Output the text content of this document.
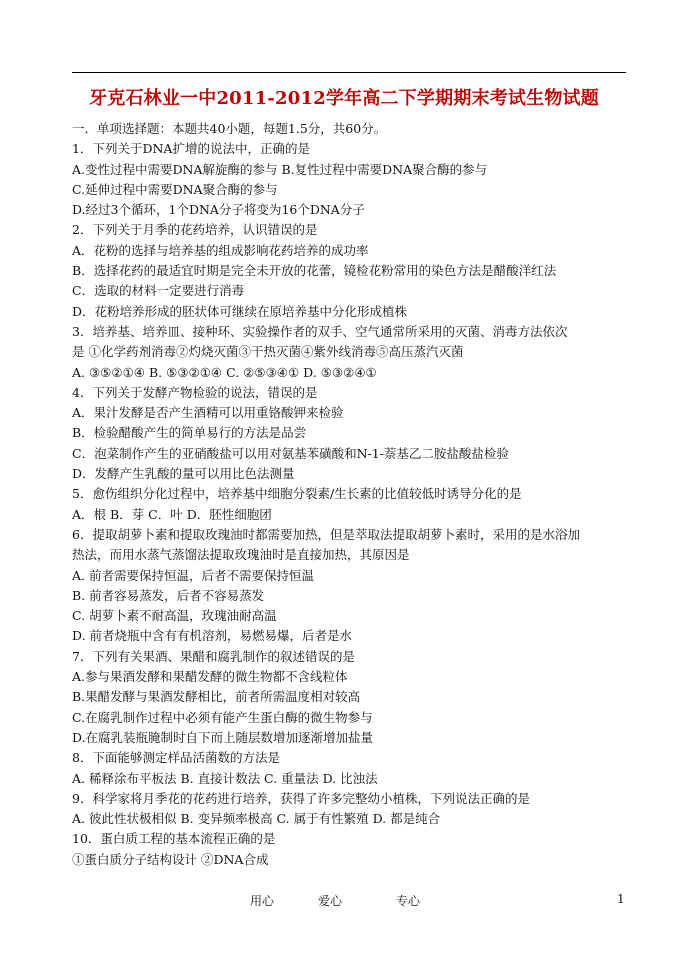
牙克石林业一中2011-2012学年高二下学期期末考试生物试题
一．单项选择题：本题共40小题，每题1.5分，共60分。
1．下列关于DNA扩增的说法中，正确的是
A.变性过程中需要DNA解旋酶的参与 B.复性过程中需要DNA聚合酶的参与
C.延伸过程中需要DNA聚合酶的参与
D.经过3个循环，1个DNA分子将变为16个DNA分子
2．下列关于月季的花药培养，认识错误的是
A．花粉的选择与培养基的组成影响花药培养的成功率
B．选择花药的最适宜时期是完全未开放的花蕾，镜检花粉常用的染色方法是醋酸洋红法
C．选取的材料一定要进行消毒
D．花粉培养形成的胚状体可继续在原培养基中分化形成植株
3．培养基、培养皿、接种环、实验操作者的双手、空气通常所采用的灭菌、消毒方法依次
是 ①化学药剂消毒②灼烧灭菌③干热灭菌④紫外线消毒⑤高压蒸汽灭菌
A. ③⑤②①④ B. ⑤③②①④ C. ②⑤③④① D. ⑤③②④①
4．下列关于发酵产物检验的说法，错误的是
A．果汁发酵是否产生酒精可以用重铬酸钾来检验
B．检验醋酸产生的简单易行的方法是品尝
C．泡菜制作产生的亚硝酸盐可以用对氨基苯磺酸和N-1-萘基乙二胺盐酸盐检验
D．发酵产生乳酸的量可以用比色法测量
5．愈伤组织分化过程中，培养基中细胞分裂素/生长素的比值较低时诱导分化的是
A．根 B．芽 C．叶 D．胚性细胞团
6．提取胡萝卜素和提取玫瑰油时都需要加热，但是萃取法提取胡萝卜素时，采用的是水浴加
热法，而用水蒸气蒸馏法提取玫瑰油时是直接加热，其原因是
A. 前者需要保持恒温，后者不需要保持恒温
B. 前者容易蒸发，后者不容易蒸发
C. 胡萝卜素不耐高温，玫瑰油耐高温
D. 前者烧瓶中含有有机溶剂，易燃易爆，后者是水
7．下列有关果酒、果醋和腐乳制作的叙述错误的是
A.参与果酒发酵和果醋发酵的微生物都不含线粒体
B.果醋发酵与果酒发酵相比，前者所需温度相对较高
C.在腐乳制作过程中必须有能产生蛋白酶的微生物参与
D.在腐乳装瓶腌制时自下而上随层数增加逐渐增加盐量
8．下面能够测定样品活菌数的方法是
A. 稀释涂布平板法 B. 直接计数法 C. 重量法 D. 比浊法
9．科学家将月季花的花药进行培养，获得了许多完整幼小植株，下列说法正确的是
A. 彼此性状极相似 B. 变异频率极高 C. 属于有性繁殖 D. 都是纯合
10．蛋白质工程的基本流程正确的是
①蛋白质分子结构设计 ②DNA合成
用心	爱心	专心	1
